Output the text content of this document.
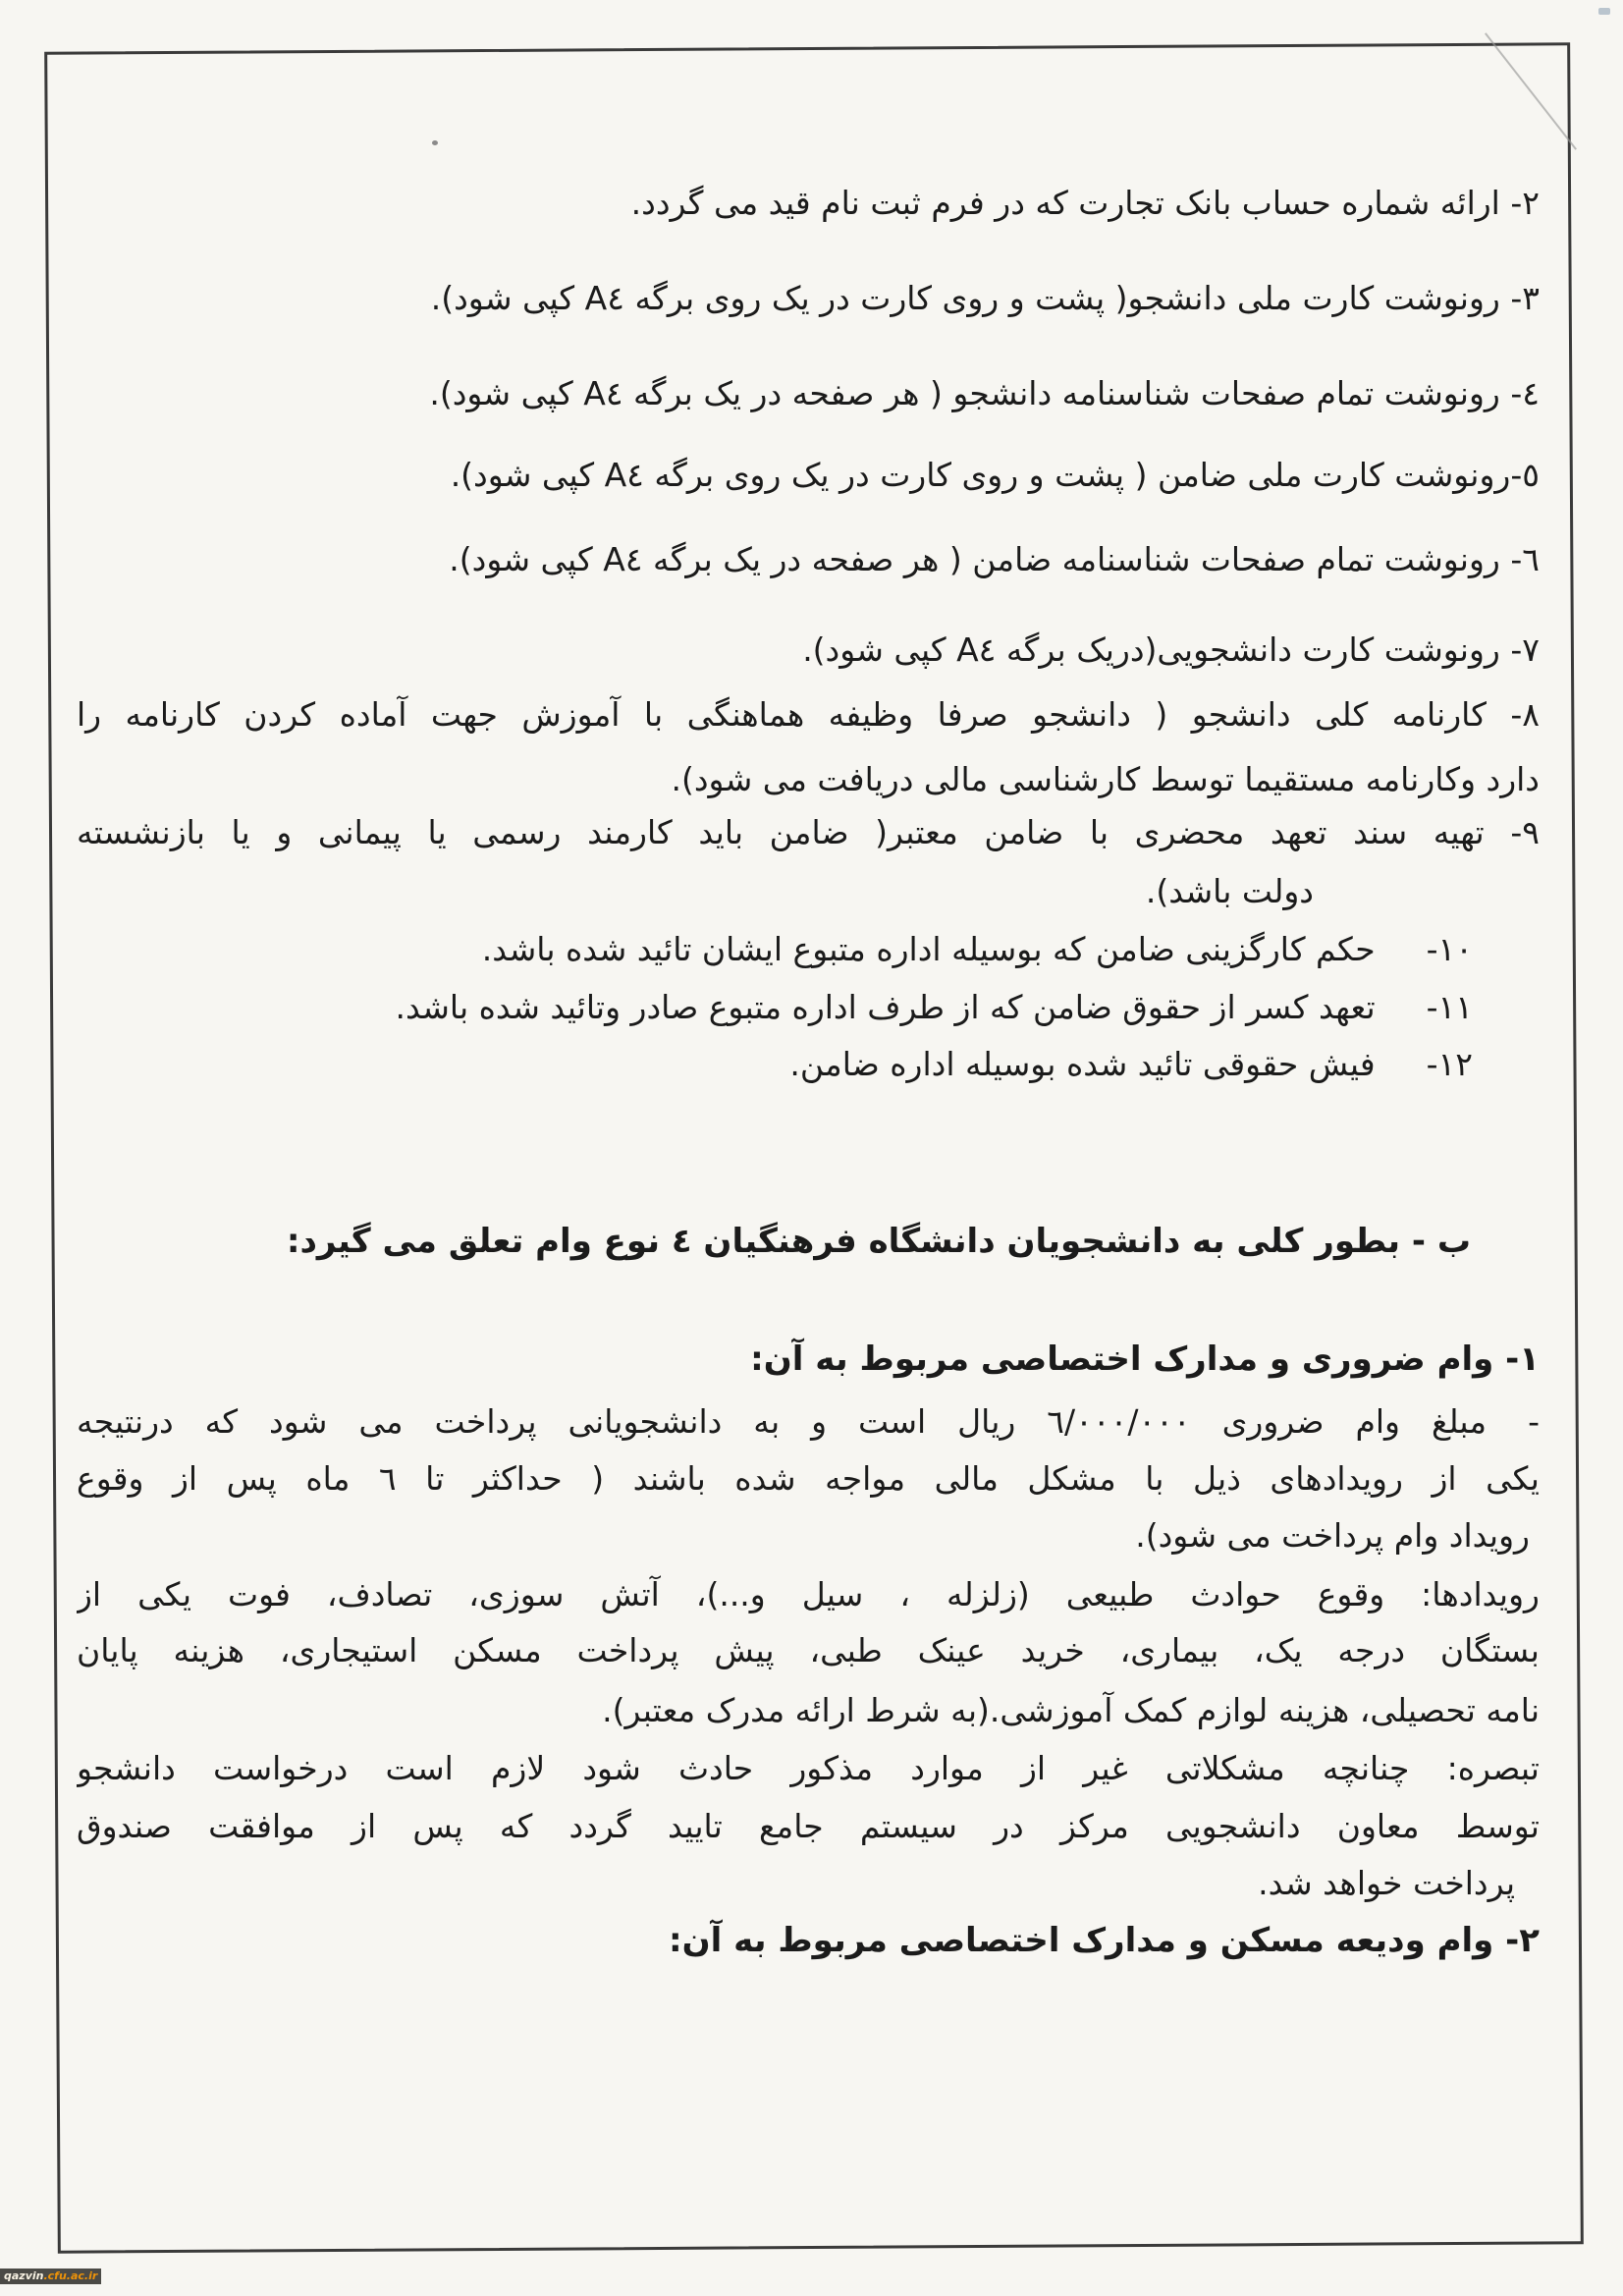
۲- ارائه شماره حساب بانک تجارت که در فرم ثبت نام قید می گردد.
۳- رونوشت کارت ملی دانشجو( پشت و روی کارت در یک روی برگه A٤ کپی شود).
٤- رونوشت تمام صفحات شناسنامه دانشجو ( هر صفحه در یک برگه A٤ کپی شود).
٥-رونوشت کارت ملی ضامن ( پشت و روی کارت در یک روی برگه A٤ کپی شود).
٦- رونوشت تمام صفحات شناسنامه ضامن ( هر صفحه در یک برگه A٤ کپی شود).
۷- رونوشت کارت دانشجویی(دریک برگه A٤ کپی شود).
۸- کارنامه کلی دانشجو ( دانشجو صرفا وظیفه هماهنگی با آموزش جهت آماده کردن کارنامه را
دارد وکارنامه مستقیما توسط کارشناسی مالی دریافت می شود).
۹- تهیه سند تعهد محضری با ضامن معتبر( ضامن باید کارمند رسمی یا پیمانی و یا بازنشسته
دولت باشد).
۱۰-
حکم کارگزینی ضامن که بوسیله اداره متبوع ایشان تائید شده باشد.
۱۱-
تعهد کسر از حقوق ضامن که از طرف اداره متبوع صادر وتائید شده باشد.
۱۲-
فیش حقوقی تائید شده بوسیله اداره ضامن.
ب - بطور کلی به دانشجویان دانشگاه فرهنگیان ٤ نوع وام تعلق می گیرد:
۱- وام ضروری و مدارک اختصاصی مربوط به آن:
-
مبلغ وام ضروری ٦/٠٠٠/٠٠٠ ریال است و به دانشجویانی پرداخت می شود که درنتیجه
یکی از رویدادهای ذیل با مشکل مالی مواجه شده باشند ( حداکثر تا ٦ ماه پس از وقوع
رویداد وام پرداخت می شود).
رویدادها: وقوع حوادث طبیعی (زلزله ، سیل و...)، آتش سوزی، تصادف، فوت یکی از
بستگان درجه یک، بیماری، خرید عینک طبی، پیش پرداخت مسکن استیجاری، هزینه پایان
نامه تحصیلی، هزینه لوازم کمک آموزشی.(به شرط ارائه مدرک معتبر).
تبصره: چنانچه مشکلاتی غیر از موارد مذکور حادث شود لازم است درخواست دانشجو
توسط معاون دانشجویی مرکز در سیستم جامع تایید گردد که پس از موافقت صندوق
پرداخت خواهد شد.
۲- وام ودیعه مسکن و مدارک اختصاصی مربوط به آن:
qazvin.cfu.ac.ir
